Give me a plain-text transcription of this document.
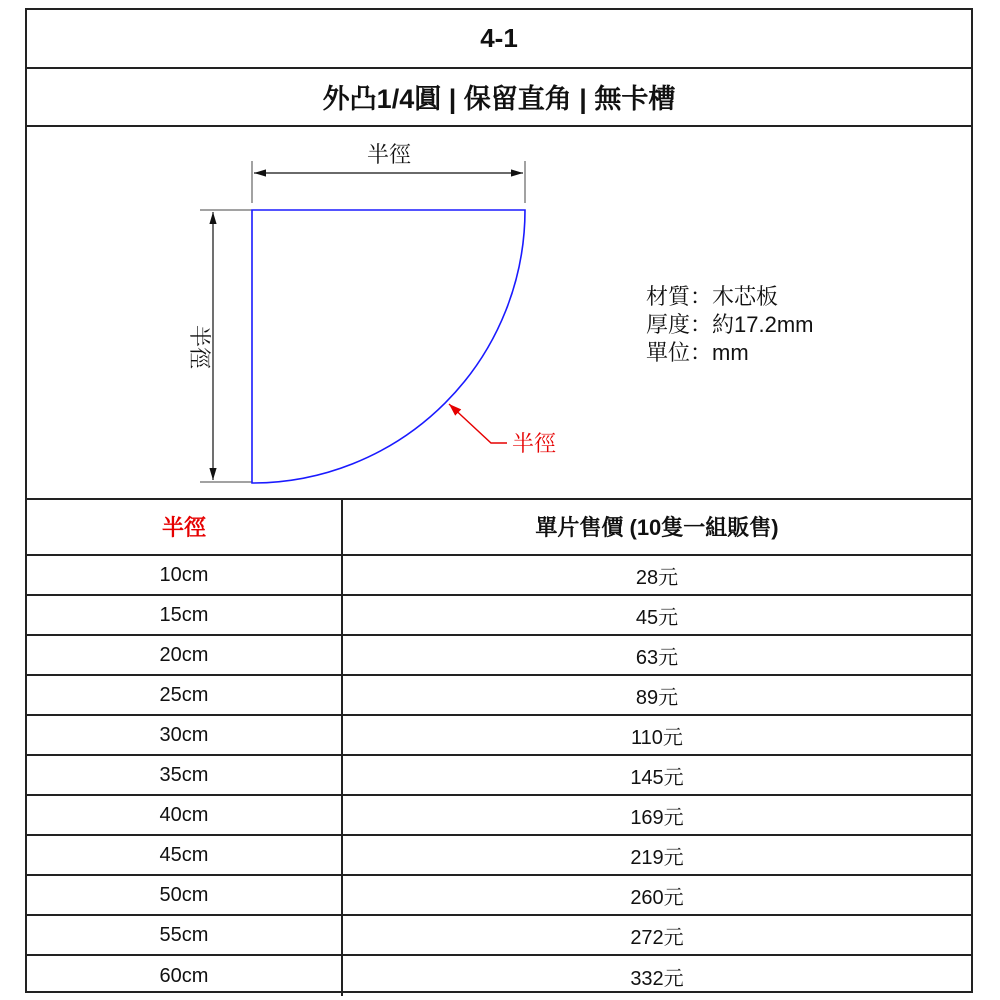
4-1
外凸1/4圓 | 保留直角 | 無卡槽
半徑
半徑
半徑
材質：木芯板
厚度：約17.2mm
單位：mm
半徑	單片售價 (10隻一組販售)
10cm	28元
15cm	45元
20cm	63元
25cm	89元
30cm	110元
35cm	145元
40cm	169元
45cm	219元
50cm	260元
55cm	272元
60cm	332元
